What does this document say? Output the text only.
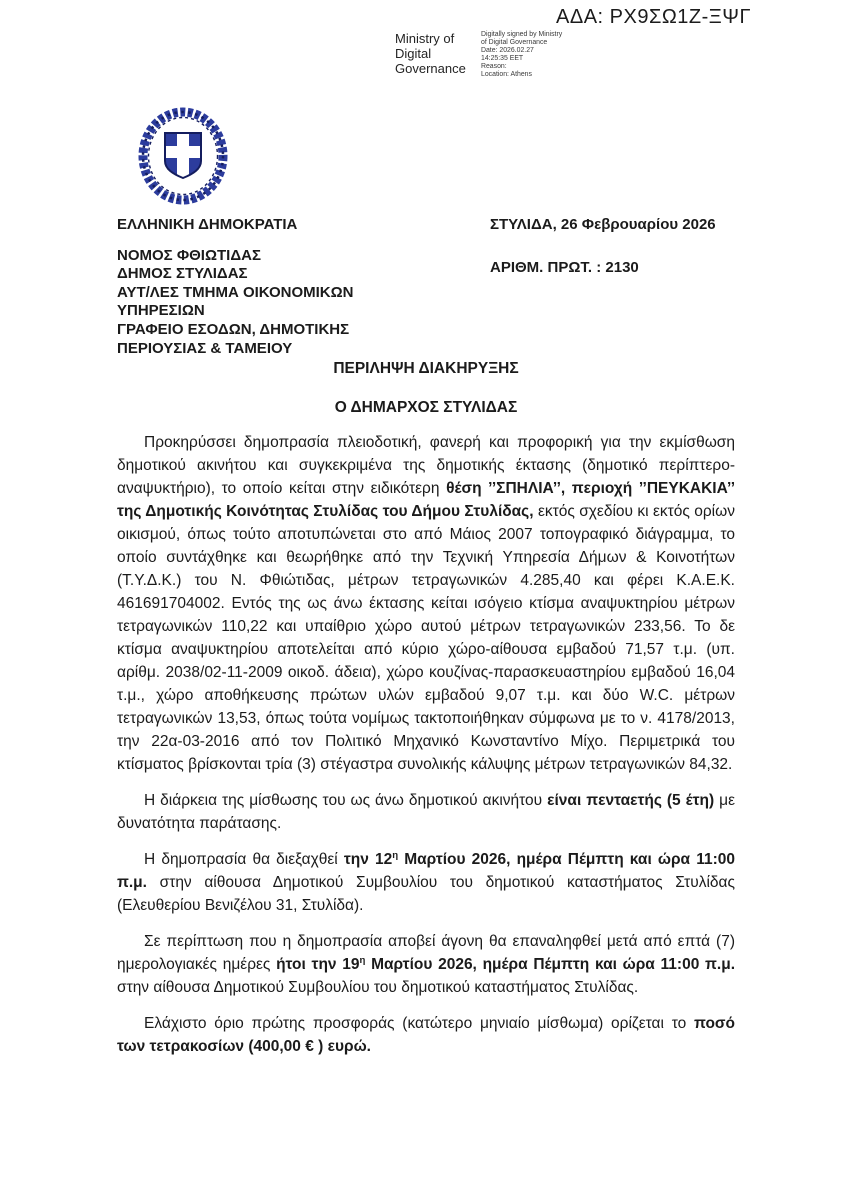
ΑΔΑ: ΡΧ9ΣΩ1Ζ-ΞΨΓ
Ministry of
Digital
Governance
Digitally signed by Ministry
of Digital Governance
Date: 2026.02.27
14:25:35 EET
Reason:
Location: Athens
ΕΛΛΗΝΙΚΗ ΔΗΜΟΚΡΑΤΙΑ
ΝΟΜΟΣ ΦΘΙΩΤΙΔΑΣ
ΔΗΜΟΣ ΣΤΥΛΙΔΑΣ
ΑΥΤ/ΛΕΣ ΤΜΗΜΑ ΟΙΚΟΝΟΜΙΚΩΝ
ΥΠΗΡΕΣΙΩΝ
ΓΡΑΦΕΙΟ ΕΣΟΔΩΝ, ΔΗΜΟΤΙΚΗΣ
ΠΕΡΙΟΥΣΙΑΣ & ΤΑΜΕΙΟΥ
ΣΤΥΛΙΔΑ, 26 Φεβρουαρίου 2026
ΑΡΙΘΜ. ΠΡΩΤ. : 2130
ΠΕΡΙΛΗΨΗ ΔΙΑΚΗΡΥΞΗΣ
Ο ΔΗΜΑΡΧΟΣ ΣΤΥΛΙΔΑΣ

Προκηρύσσει δημοπρασία πλειοδοτική, φανερή και προφορική για την εκμίσθωση δημοτικού ακινήτου και συγκεκριμένα της δημοτικής έκτασης (δημοτικό περίπτερο-αναψυκτήριο), το οποίο κείται στην ειδικότερη θέση ’’ΣΠΗΛΙΑ’’, περιοχή ’’ΠΕΥΚΑΚΙΑ’’ της Δημοτικής Κοινότητας Στυλίδας του Δήμου Στυλίδας, εκτός σχεδίου κι εκτός ορίων οικισμού, όπως τούτο αποτυπώνεται στο από Μάιος 2007 τοπογραφικό διάγραμμα, το οποίο συντάχθηκε και θεωρήθηκε από την Τεχνική Υπηρεσία Δήμων & Κοινοτήτων (Τ.Υ.Δ.Κ.) του Ν. Φθιώτιδας, μέτρων τετραγωνικών 4.285,40 και φέρει Κ.Α.Ε.Κ. 461691704002. Εντός της ως άνω έκτασης κείται ισόγειο κτίσμα αναψυκτηρίου μέτρων τετραγωνικών 110,22 και υπαίθριο χώρο αυτού μέτρων τετραγωνικών 233,56. Το δε κτίσμα αναψυκτηρίου αποτελείται από κύριο χώρο-αίθουσα εμβαδού 71,57 τ.μ. (υπ. αρίθμ. 2038/02-11-2009 οικοδ. άδεια), χώρο κουζίνας-παρασκευαστηρίου εμβαδού 16,04 τ.μ., χώρο αποθήκευσης πρώτων υλών εμβαδού 9,07 τ.μ. και δύο W.C. μέτρων τετραγωνικών 13,53, όπως τούτα νομίμως τακτοποιήθηκαν σύμφωνα με το ν. 4178/2013, την 22α-03-2016 από τον Πολιτικό Μηχανικό Κωνσταντίνο Μίχο. Περιμετρικά του κτίσματος βρίσκονται τρία (3) στέγαστρα συνολικής κάλυψης μέτρων τετραγωνικών 84,32.

Η διάρκεια της μίσθωσης του ως άνω δημοτικού ακινήτου είναι πενταετής (5 έτη) με δυνατότητα παράτασης.

Η δημοπρασία θα διεξαχθεί την $12^\eta$ Μαρτίου 2026, ημέρα Πέμπτη και ώρα 11:00 π.μ. στην αίθουσα Δημοτικού Συμβουλίου του δημοτικού καταστήματος Στυλίδας (Ελευθερίου Βενιζέλου 31, Στυλίδα).

Σε περίπτωση που η δημοπρασία αποβεί άγονη θα επαναληφθεί μετά από επτά (7) ημερολογιακές ημέρες ήτοι την $19^\eta$ Μαρτίου 2026, ημέρα Πέμπτη και ώρα 11:00 π.μ. στην αίθουσα Δημοτικού Συμβουλίου του δημοτικού καταστήματος Στυλίδας.

Ελάχιστο όριο πρώτης προσφοράς (κατώτερο μηνιαίο μίσθωμα) ορίζεται το ποσό των τετρακοσίων (400,00 € ) ευρώ.
